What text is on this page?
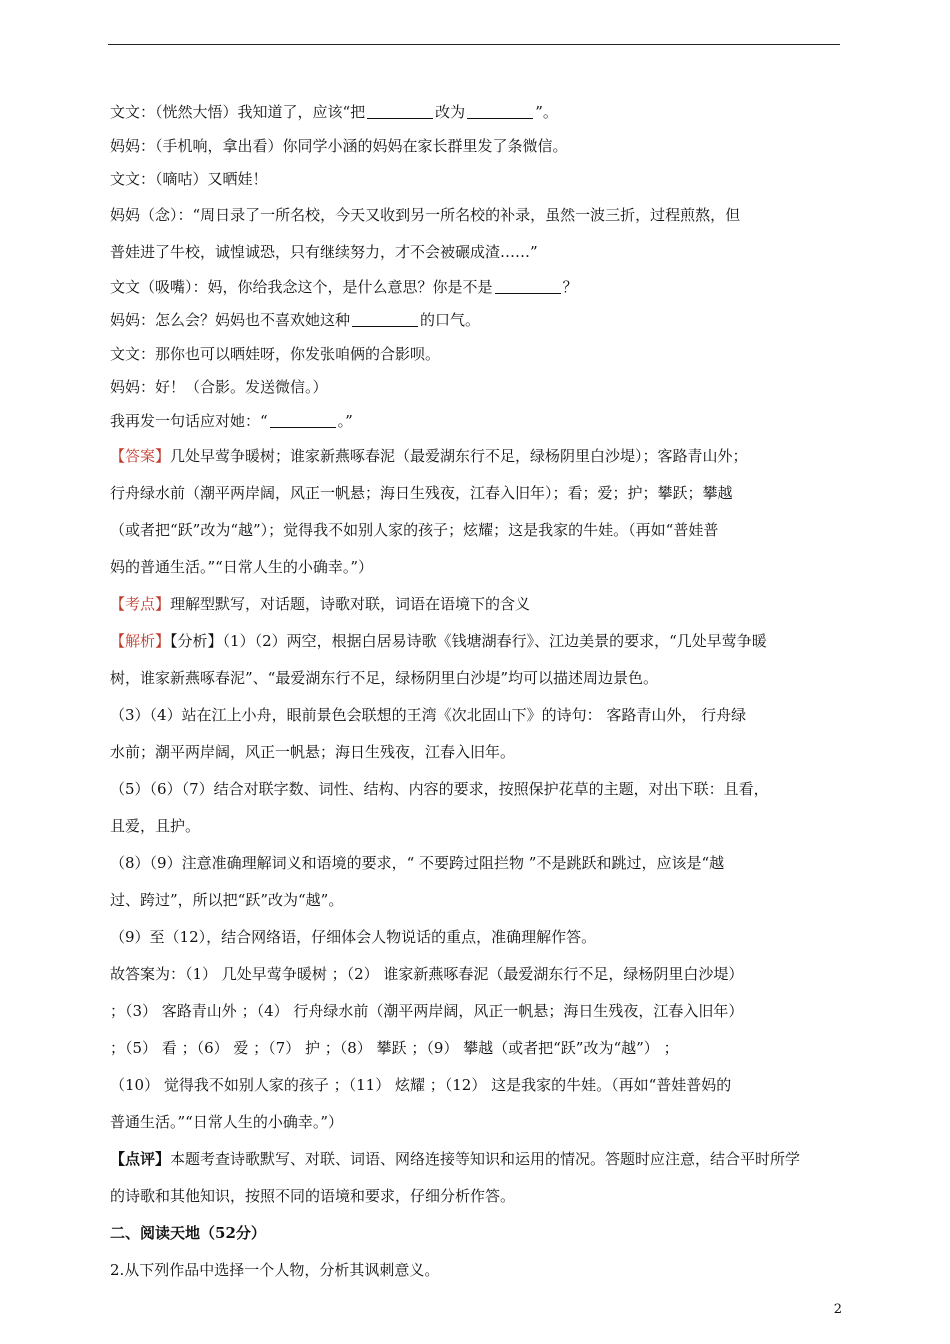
文文：（恍然大悟）我知道了，应该“把	改为	”。
妈妈：（手机响，拿出看）你同学小涵的妈妈在家长群里发了条微信。
文文：（嘀咕）又晒娃！
妈妈（念）：“周日录了一所名校，今天又收到另一所名校的补录，虽然一波三折，过程煎熬，但
普娃进了牛校，诚惶诚恐，只有继续努力，才不会被碾成渣……”
文文（吸嘴）：妈，你给我念这个，是什么意思？你是不是	？
妈妈：怎么会？妈妈也不喜欢她这种	的口气。
文文：那你也可以晒娃呀，你发张咱俩的合影呗。
妈妈：好！（合影。发送微信。）
我再发一句话应对她：“	。”
【答案】几处早莺争暖树；谁家新燕啄春泥（最爱湖东行不足，绿杨阴里白沙堤）；客路青山外；
行舟绿水前（潮平两岸阔，风正一帆悬；海日生残夜，江春入旧年）；看；爱；护；攀跃；攀越
（或者把“跃”改为“越”）；觉得我不如别人家的孩子；炫耀；这是我家的牛娃。（再如“普娃普
妈的普通生活。”“日常人生的小确幸。”）
【考点】理解型默写，对话题，诗歌对联，词语在语境下的含义
【解析】【分析】（1）（2）两空，根据白居易诗歌《钱塘湖春行》、江边美景的要求，“几处早莺争暖
树，谁家新燕啄春泥”、“最爱湖东行不足，绿杨阴里白沙堤”均可以描述周边景色。
（3）（4）站在江上小舟，眼前景色会联想的王湾《次北固山下》的诗句： 客路青山外， 行舟绿
水前；潮平两岸阔，风正一帆悬；海日生残夜，江春入旧年。
（5）（6）（7）结合对联字数、词性、结构、内容的要求，按照保护花草的主题，对出下联：且看，
且爱，且护。
（8）（9）注意准确理解词义和语境的要求，“ 不要跨过阻拦物 ”不是跳跃和跳过，应该是“越
过、跨过”，所以把“跃”改为“越”。
（9）至（12），结合网络语，仔细体会人物说话的重点，准确理解作答。
故答案为：（1） 几处早莺争暖树 ；（2） 谁家新燕啄春泥（最爱湖东行不足，绿杨阴里白沙堤）
；（3） 客路青山外 ；（4） 行舟绿水前（潮平两岸阔，风正一帆悬；海日生残夜，江春入旧年）
；（5） 看 ；（6） 爱 ；（7） 护 ；（8） 攀跃 ；（9） 攀越（或者把“跃”改为“越”） ；
（10） 觉得我不如别人家的孩子 ；（11） 炫耀 ；（12） 这是我家的牛娃。（再如“普娃普妈的
普通生活。”“日常人生的小确幸。”）
【点评】本题考查诗歌默写、对联、词语、网络连接等知识和运用的情况。答题时应注意，结合平时所学
的诗歌和其他知识，按照不同的语境和要求，仔细分析作答。
二、阅读天地（52分）
2.从下列作品中选择一个人物，分析其讽刺意义。
2
